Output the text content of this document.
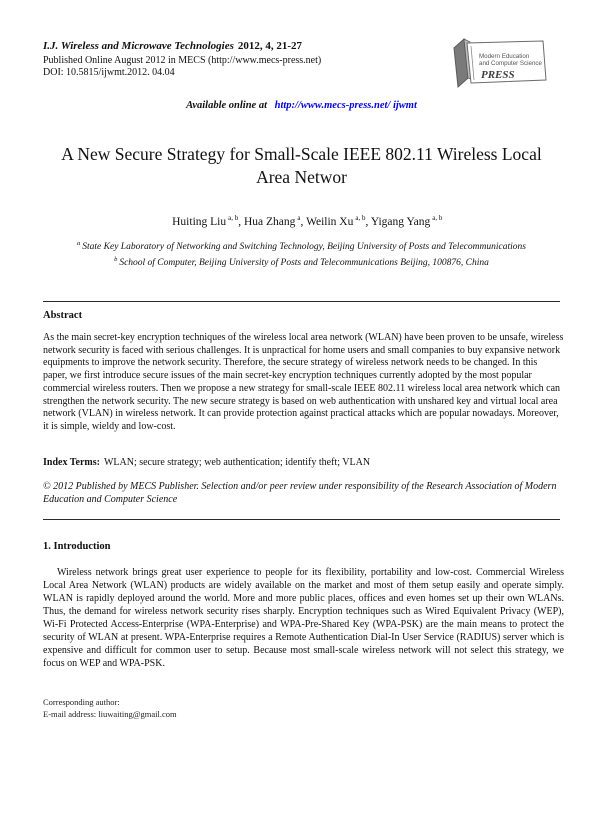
I.J. Wireless and Microwave Technologies 2012, 4, 21-27
Published Online August 2012 in MECS (http://www.mecs-press.net)
DOI: 10.5815/ijwmt.2012. 04.04
Modern Education
and Computer Science
PRESS
Available online at http://www.mecs-press.net/ ijwmt
A New Secure Strategy for Small-Scale IEEE 802.11 Wireless Local Area Networ

Huiting Liu $^{a, b}$, Hua Zhang $^a$, Weilin Xu $^{a, b}$, Yigang Yang $^{a, b}$

$^a$ State Key Laboratory of Networking and Switching Technology, Beijing University of Posts and Telecommunications
$^b$ School of Computer, Beijing University of Posts and Telecommunications Beijing, 100876, China
Abstract

As the main secret-key encryption techniques of the wireless local area network (WLAN) have been proven to be unsafe, wireless network security is faced with serious challenges. It is unpractical for home users and small companies to buy expansive network equipments to improve the network security. Therefore, the secure strategy of wireless network needs to be changed. In this paper, we first introduce secure issues of the main secret-key encryption techniques currently adopted by the most popular commercial wireless routers. Then we propose a new strategy for small-scale IEEE 802.11 wireless local area network which can strengthen the network security. The new secure strategy is based on web authentication with unshared key and virtual local area network (VLAN) in wireless network. It can provide protection against practical attacks which are popular nowadays. Moreover, it is simple, wieldy and low-cost.

Index Terms: WLAN; secure strategy; web authentication; identify theft; VLAN

© 2012 Published by MECS Publisher. Selection and/or peer review under responsibility of the Research Association of Modern Education and Computer Science

1. Introduction

Wireless network brings great user experience to people for its flexibility, portability and low-cost. Commercial Wireless Local Area Network (WLAN) products are widely available on the market and most of them setup easily and operate simply. WLAN is rapidly deployed around the world. More and more public places, offices and even homes set up their own WLANs. Thus, the demand for wireless network security rises sharply. Encryption techniques such as Wired Equivalent Privacy (WEP), Wi-Fi Protected Access-Enterprise (WPA-Enterprise) and WPA-Pre-Shared Key (WPA-PSK) are the main means to protect the security of WLAN at present. WPA-Enterprise requires a Remote Authentication Dial-In User Service (RADIUS) server which is expensive and difficult for common user to setup. Because most small-scale wireless network will not select this strategy, we focus on WEP and WPA-PSK.

Corresponding author:
E-mail address: liuwaiting@gmail.com
